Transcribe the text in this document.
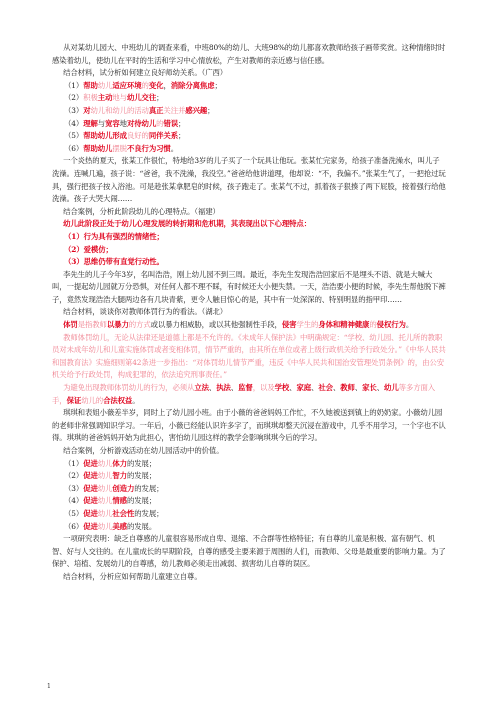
从对某幼儿园大、中班幼儿的调查来看，中班80%的幼儿、大班98%的幼儿都喜欢教师给孩子画带奖赏。这种情绪时时感染着幼儿，使幼儿在平时的生活和学习中心情放松，产生对教师的亲近感与信任感。

结合材料，试分析如何建立良好师幼关系。（广西）

（1）帮助幼儿适应环境的变化，消除分离焦虑；

（2）积极主动地与幼儿交往；

（3）对幼儿和幼儿的活动真正关注并感兴趣；

（4）理解与宽容地对待幼儿的错误；

（5）帮助幼儿形成良好的同伴关系；

（6）帮助幼儿摆脱不良行为习惯。

一个炎热的夏天，张某工作很忙，特地给3岁的儿子买了一个玩具让他玩。张某忙完家务，给孩子准备洗澡水，叫儿子洗澡。连喊几遍，孩子说：“爸爸，我不洗澡，我没空。”爸爸给他讲道理，他却说：“不，我偏不。”张某生气了，一把抢过玩具，强行把孩子按入浴池。可是趁张某拿肥皂的时候，孩子跑走了。张某气不过，抓着孩子狠揍了两下屁股，接着强行给他洗澡。孩子大哭大闹……

结合案例，分析此阶段幼儿的心理特点。（福建）

幼儿此阶段正处于幼儿心理发展的转折期和危机期，其表现出以下心理特点：

（1）行为具有强烈的情绪性；

（2）爱模仿；

（3）思维仍带有直觉行动性。

李先生的儿子今年3岁，名叫浩浩，刚上幼儿园不到三周。最近，李先生发现浩浩回家后不是埋头不语、就是大喊大叫，一提起幼儿园就万分恐惧，对任何人都不理不睬，有时候还大小便失禁。一天，浩浩要小便的时候，李先生帮他脱下裤子，竟然发现浩浩大腿两边各有几块青紫，更令人触目惊心的是，其中有一处深深的、特别明显的指甲印……

结合材料，谈谈你对教师体罚行为的看法。（湖北）

体罚是指教师以暴力的方式或以暴力相威胁，或以其他强制性手段，侵害学生的身体和精神健康的侵权行为。

教师体罚幼儿，无论从法律还是道德上都是不允许的。《未成年人保护法》中明确规定：“学校、幼儿园、托儿所的教职员对未成年幼儿和儿童实施体罚或者变相体罚，情节严重的，由其所在单位或者上级行政机关给予行政处分。”《中华人民共和国教育法》实施细则第42条进一步指出：“对体罚幼儿情节严重，违反《中华人民共和国治安管理处罚条例》的，由公安机关给予行政处罚，构成犯罪的，依法追究刑事责任。”

为避免出现教师体罚幼儿的行为，必须从立法、执法、监督，以及学校、家庭、社会、教师、家长、幼儿等多方面入手，保证幼儿的合法权益。

琪琪和表姐小薇差半岁，同时上了幼儿园小班。由于小薇的爸爸妈妈工作忙，不久她被送到镇上的奶奶家。小薇幼儿园的老师非常强调知识学习。一年后，小薇已经能认识许多字了，而琪琪却整天沉浸在游戏中，几乎不用学习，一个字也不认得。琪琪的爸爸妈妈开始为此担心，害怕幼儿园这样的教学会影响琪琪今后的学习。

结合案例，分析游戏活动在幼儿园活动中的价值。

（1）促进幼儿体力的发展；

（2）促进幼儿智力的发展；

（3）促进幼儿创造力的发展；

（4）促进幼儿情感的发展；

（5）促进幼儿社会性的发展；

（6）促进幼儿美感的发展。

一项研究表明：缺乏自尊感的儿童很容易形成自卑、退缩、不合群等性格特征；有自尊的儿童是积极、富有朝气、机智、好与人交往的。在儿童成长的早期阶段，自尊的感受主要来源于周围的人们，而教师、父母是最重要的影响力量。为了保护、培植、发展幼儿的自尊感，幼儿教师必须走出减弱、损害幼儿自尊的误区。

结合材料，分析应如何帮助儿童建立自尊。

1
